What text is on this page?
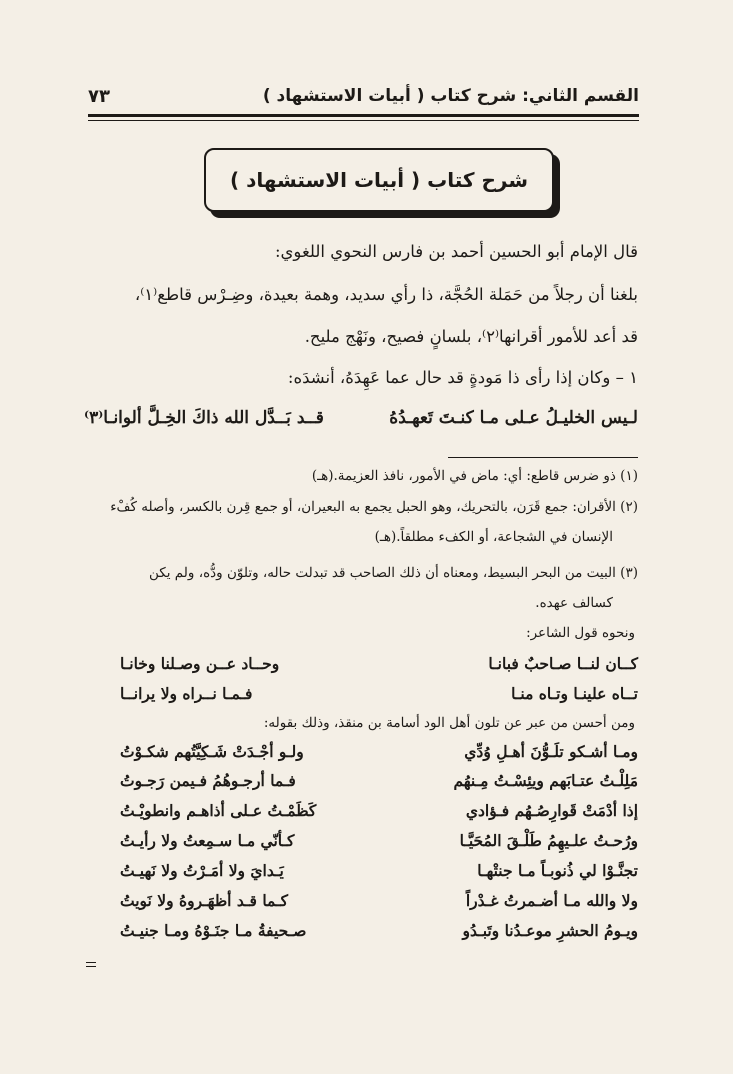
القسم الثاني: شرح كتاب ( أبيات الاستشهاد )
٧٣
شرح كتاب ( أبيات الاستشهاد )
قال الإمام أبو الحسين أحمد بن فارس النحوي اللغوي:
بلغنا أن رجلاً من حَمَلة الحُجَّة، ذا رأي سديد، وهمة بعيدة، وضِـرْس قاطع⁽١⁾،
قد أعد للأمور أقرانها⁽٢⁾، بلسانٍ فصيح، ونَهْج مليح.
١ – وكان إذا رأى ذا مَودةٍ قد حال عما عَهِدَهُ، أنشدَه:
لـيس الخليـلُ عـلى مـا كنـتَ تَعهـدُهُ
قــد بَــدَّل الله ذاكَ الخِـلَّ ألوانـا⁽٣⁾
(١) ذو ضرس قاطع: أي: ماض في الأمور، نافذ العزيمة.(هـ)
(٢) الأقران: جمع قَرَن، بالتحريك، وهو الحبل يجمع به البعيران، أو جمع قِرن بالكسر، وأصله كُفْء
الإنسان في الشجاعة، أو الكفء مطلقاً.(هـ)
(٣) البيت من البحر البسيط، ومعناه أن ذلك الصاحب قد تبدلت حاله، وتلوّن ودُّه، ولم يكن
كسالف عهده.
ونحوه قول الشاعر:
كــان لنــا صـاحبٌ فبانـا
وحــاد عــن وصـلنا وخانـا
تــاه علينـا وتـاه منـا
فـمـا نــراه ولا يرانــا
ومن أحسن من عبر عن تلون أهل الود أسامة بن منقذ، وذلك بقوله:
ومـا أشـكو تلَـوُّنَ أهـلِ وُدِّي
ولـو أجْـدَتْ شَـكِيَّتُهم شكـوْتُ
مَلِلْـتُ عتـابَهم ويئِسْـتُ مِـنهُم
فـما أرجـوهُمُ فـيمن رَجـوتُ
إذا أدْمَتْ قَوارِصُـهُم فـؤادي
كَظَمْـتُ عـلى أذاهـم وانطويْـتُ
ورُحـتُ علـيهِمُ طَلْـقَ المُحَيَّـا
كـأنّي مـا سـمِعتُ ولا رأيـتُ
تجنَّـوْا لي ذُنوبـاً مـا جنتْهـا
يَـدايَ ولا أمَـرْتُ ولا نَهيـتُ
ولا والله مـا أضـمرتُ غـدْراً
كـما قـد أظهَـروهُ ولا نَويتُ
ويـومُ الحشرِ موعـدُنا وتَبـدُو
صـحيفةُ مـا جنَـوْهُ ومـا جنيـتُ
